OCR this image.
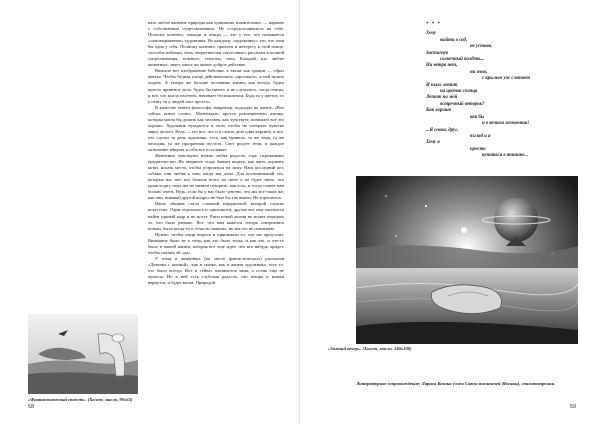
нать любое явление природы как одинаково значительное — наравне с собственным существованием. Не сосредоточиваться на себе. Поэтому конечно, лошади и птицы — это у тех, что называется «самовыражение» художника. Не каждому «художнику» это, что хотя бы одна у себя. Полному конечно, прихоти и интересу к этой птице, способы пейзажа, тона, теоретически «шуточные» рассказы в полной существования, зеленого, теплоты, тона. Каждый, кто любит животных, знает, какое же живое доброе действие.

Вначале вот изображение бабочки, а также как грации — образ цветка. Чтобы бедная улица действительно «просияла», к ней нужно ходить. А теперь же больше половины жизни, как всегда, будто просто приятное дело, будто бы ничего и не случилось, тогда птицы, и всё, что могло взлетать, начинает беспокоиться. Будь то у цветов, то у птиц, то у людей «все просто».

В качестве ответа философа, например, подходят на живое, «Вот сейчас новое слово». Маленькую, просто разноцветную птичку, которая могла бы думать как человек, как чувствует, понимает всё это хорошо. Художник нуждается в этом, чтобы не потерять чувство мира, целого. Ведь — это все, что и в самом деле одна картина, и все, что сделал за день художник, есть, как правило, та же тема, та же мелодия, та же прозрачная пустота. Свет рисует тени, и каждое мгновение вбирает в себя все остальные.

Животные чувствуют, нежно любят радость, горе, переживают предательство. Их звериное стадо бывает видеть, как жить, кормить котят, искать место, чтобы устроиться на зиму. Наш последний кот, собака, они любят к нам, когда мы дома. Для воспоминаний тех, которые нас нет, кто больше всего на свете и не будет знать, что происходит, пока мы не начнем говорить, как есть, и тогда станет нам больно очень. Ведь, если бы у нас было чувство, что мы все такие же, как они, никакой другой вопрос не был бы так важен. Не торопитесь.

Наша община стала сложной парадигмой, которой служит искусство. Одни отделились и сдвигаются, другие все еще пытаются найти единый кадр и не могут. Ритм новой жизни не может передать то, что было раньше. Все, что нам кажется теперь совершенно новым, было когда-то и отчасти знакомо, но мы его не понимаем.

Нужно, чтобы люди видели и принимали то, что им предстоит. Внимание было не к тому, как это было тогда, и как это, и что-то было в нашей жизни, которая все еще ждет, что кто-нибудь придет, чтобы сказать ей «да».

У птиц и животных (на месте фантастических) рассказов «Девочка с кошкой», как в сказке, как в жизни художника, есть то, что было всегда. Вот и сейчас начинается зима, а осень еще не прошла. Но в ней есть глубокая радость, что птицы и кошки вернутся, и будет весна. Природой.

«Фантастический сюжет». (Холст, масло, 90х65)
58
* * *
Хочу
выйти в сад,
не устояв,
Застигнув
солнечный полдень...
Ни ветра нет,
ни зноя,
с крыльев уж слетает
И пыль летит
на цветок солнца
Летит на мой
встречный ветерок?
Как хорошо
как бы
и в вечном мгновении!
...Я снова, друг,
взгляд и я
Хочу я
просто
купаться в тишине...
«Зимний вечер». (Холст, масло, 140х100)
Литературное сопровождение: Лариса Козина (член Союза писателей Москвы), стихотворения.
59
